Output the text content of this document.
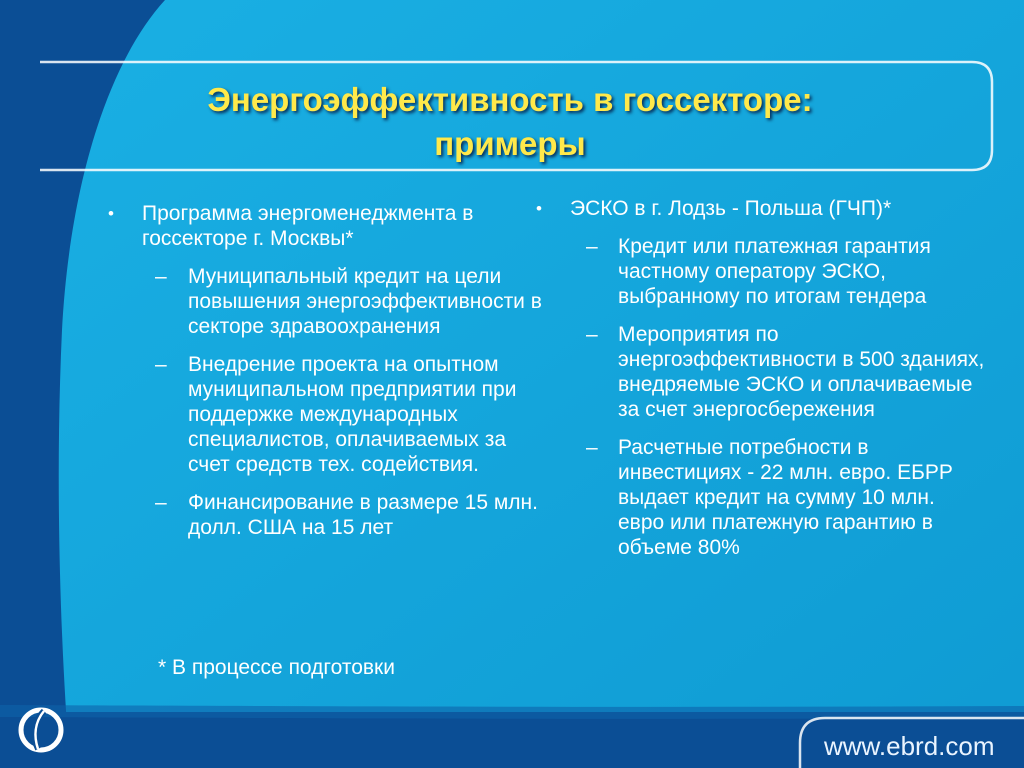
Энергоэффективность в госсекторе:
примеры
• Программа энергоменеджмента в госсекторе г. Москвы*
– Муниципальный кредит на цели повышения энергоэффективности в секторе здравоохранения
– Внедрение проекта на опытном муниципальном предприятии при поддержке международных специалистов, оплачиваемых за счет средств тех. содействия.
– Финансирование в размере 15 млн. долл. США на 15 лет
• ЭСКО в г. Лодзь - Польша (ГЧП)*
– Кредит или платежная гарантия частному оператору ЭСКО, выбранному по итогам тендера
– Мероприятия по энергоэффективности в 500 зданиях, внедряемые ЭСКО и оплачиваемые за счет энергосбережения
– Расчетные потребности в инвестициях - 22 млн. евро. ЕБРР выдает кредит на сумму 10 млн. евро или платежную гарантию в объеме 80%
* В процессе подготовки
www.ebrd.com
